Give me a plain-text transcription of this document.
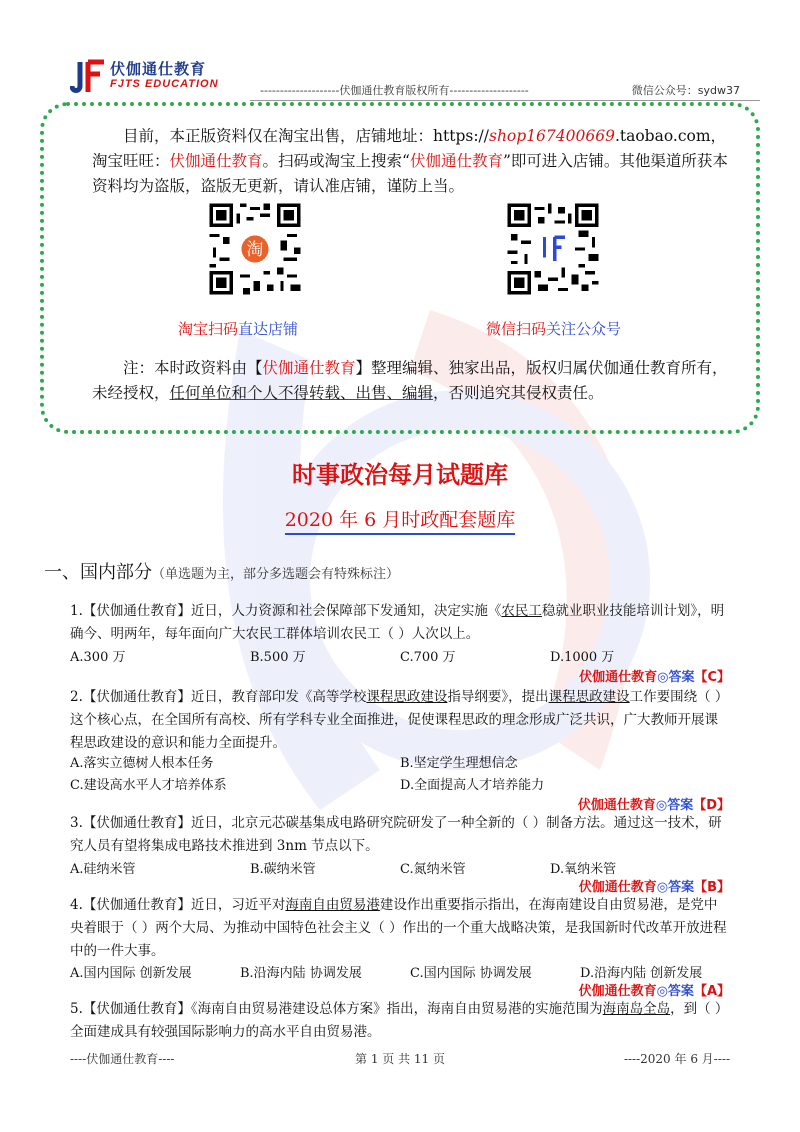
伏伽通仕教育
FJTS EDUCATION	--------------------伏伽通仕教育版权所有--------------------	微信公众号：sydw37

目前，本正版资料仅在淘宝出售，店铺地址：https://shop167400669.taobao.com，淘宝旺旺：伏伽通仕教育。扫码或淘宝上搜索“伏伽通仕教育”即可进入店铺。其他渠道所获本资料均为盗版，盗版无更新，请认准店铺，谨防上当。

淘
淘宝扫码直达店铺	微信扫码关注公众号

注：本时政资料由【伏伽通仕教育】整理编辑、独家出品，版权归属伏伽通仕教育所有，未经授权，任何单位和个人不得转载、出售、编辑，否则追究其侵权责任。

时事政治每月试题库
2020 年 6 月时政配套题库
一、国内部分（单选题为主，部分多选题会有特殊标注）
1.【伏伽通仕教育】近日，人力资源和社会保障部下发通知，决定实施《农民工稳就业职业技能培训计划》，明确今、明两年，每年面向广大农民工群体培训农民工（ ）人次以上。
A.300 万	B.500 万	C.700 万	D.1000 万
伏伽通仕教育◎答案【C】
2.【伏伽通仕教育】近日，教育部印发《高等学校课程思政建设指导纲要》，提出课程思政建设工作要围绕（ ）这个核心点，在全国所有高校、所有学科专业全面推进，促使课程思政的理念形成广泛共识，广大教师开展课程思政建设的意识和能力全面提升。
A.落实立德树人根本任务	B.坚定学生理想信念
C.建设高水平人才培养体系	D.全面提高人才培养能力
伏伽通仕教育◎答案【D】
3.【伏伽通仕教育】近日，北京元芯碳基集成电路研究院研发了一种全新的（ ）制备方法。通过这一技术，研究人员有望将集成电路技术推进到 3nm 节点以下。
A.硅纳米管	B.碳纳米管	C.氮纳米管	D.氧纳米管
伏伽通仕教育◎答案【B】
4.【伏伽通仕教育】近日，习近平对海南自由贸易港建设作出重要指示指出，在海南建设自由贸易港，是党中央着眼于（ ）两个大局、为推动中国特色社会主义（ ）作出的一个重大战略决策，是我国新时代改革开放进程中的一件大事。
A.国内国际 创新发展	B.沿海内陆 协调发展	C.国内国际 协调发展	D.沿海内陆 创新发展
伏伽通仕教育◎答案【A】
5.【伏伽通仕教育】《海南自由贸易港建设总体方案》指出，海南自由贸易港的实施范围为海南岛全岛，到（ ）全面建成具有较强国际影响力的高水平自由贸易港。
----伏伽通仕教育----	第 1 页 共 11 页	----2020 年 6 月----
